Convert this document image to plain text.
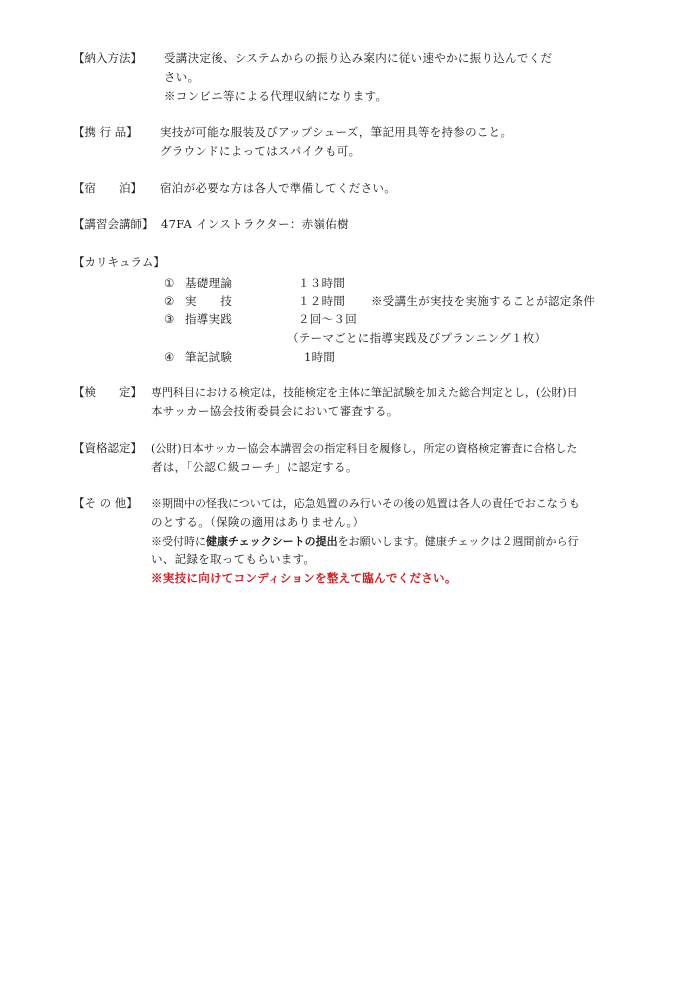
【納入方法】 受講決定後、システムからの振り込み案内に従い速やかに振り込んでくだ
さい。
※コンビニ等による代理収納になります。
【携 行 品】 実技が可能な服装及びアップシューズ，筆記用具等を持参のこと。
グラウンドによってはスパイクも可。
【宿　　泊】 宿泊が必要な方は各人で準備してください。
【講習会講師】 47FA インストラクター：赤嶺佑樹
【カリキュラム】
① 基礎理論	１３時間
② 実　　技	１２時間 ※受講生が実技を実施することが認定条件
③ 指導実践	２回～３回
（テーマごとに指導実践及びプランニング１枚）
④ 筆記試験	1時間
【検　　定】 専門科目における検定は，技能検定を主体に筆記試験を加えた総合判定とし，(公財)日
本サッカー協会技術委員会において審査する。
【資格認定】 (公財)日本サッカー協会本講習会の指定科目を履修し，所定の資格検定審査に合格した
者は，「公認Ｃ級コーチ」に認定する。
【そ の 他】 ※期間中の怪我については，応急処置のみ行いその後の処置は各人の責任でおこなうも
のとする。（保険の適用はありません。）
※受付時に健康チェックシートの提出をお願いします。健康チェックは２週間前から行
い、記録を取ってもらいます。
※実技に向けてコンディションを整えて臨んでください。
